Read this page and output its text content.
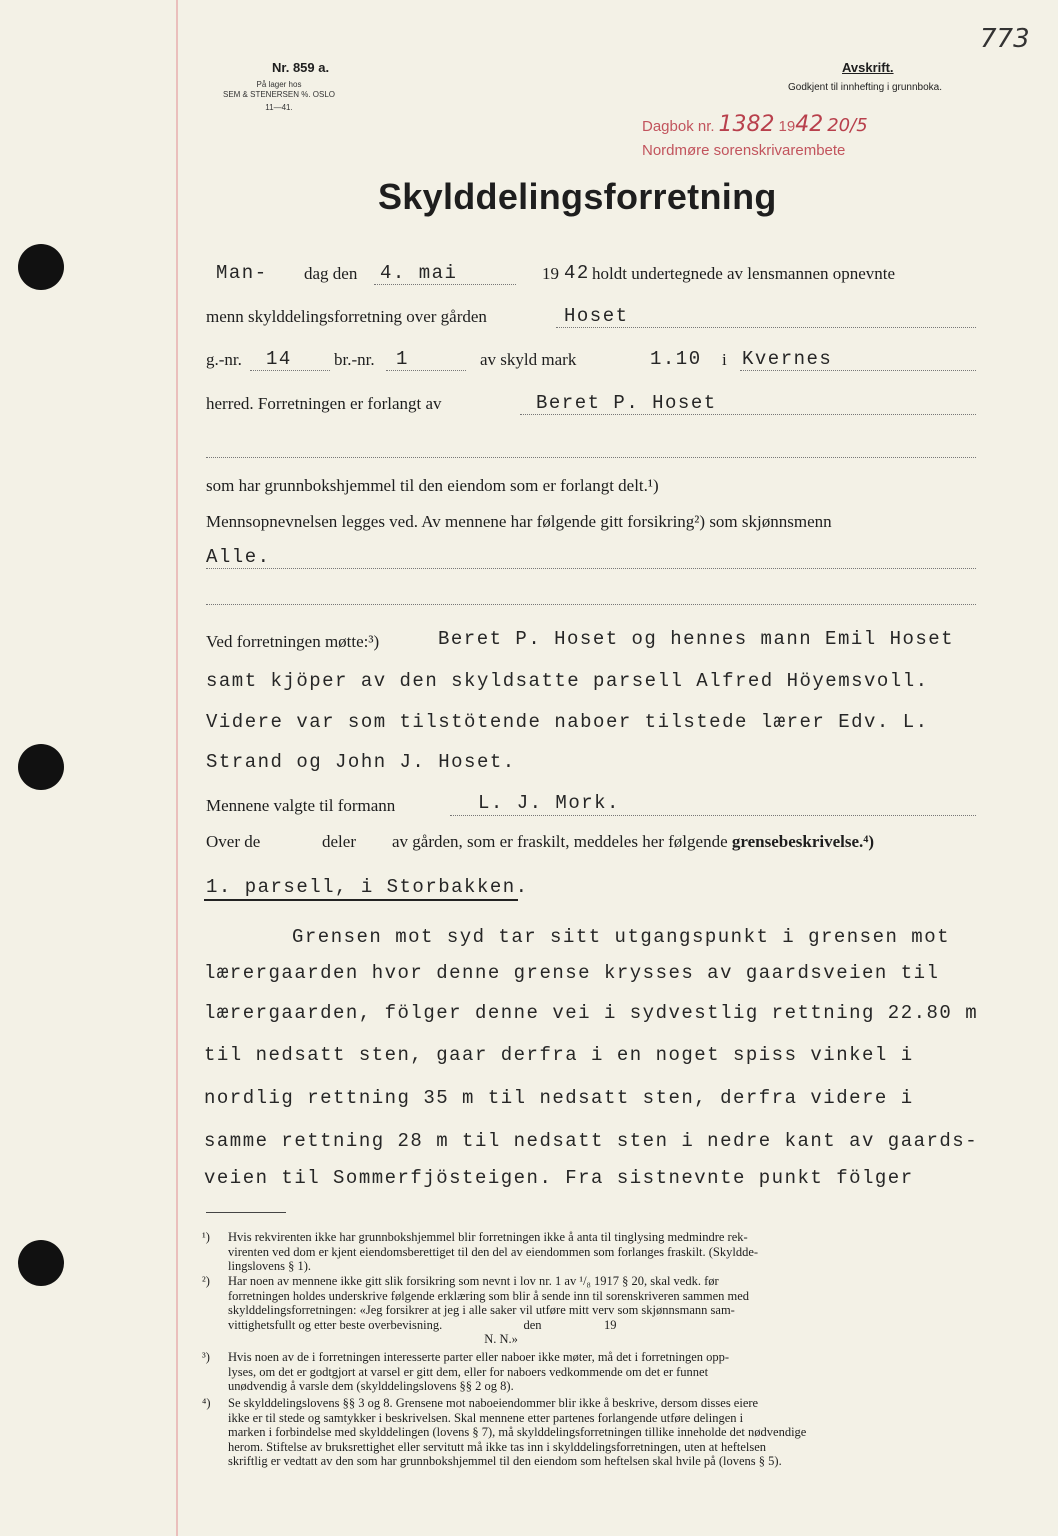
Nr. 859 a.
På lager hos
SEM & STENERSEN %. OSLO
11—41.
Avskrift.
Godkjent til innhefting i grunnboka.
773
Dagbok nr. 1382 1942 20/5
Nordmøre sorenskrivarembete
Skylddelingsforretning
Man- dag den 4. mai	19 42 holdt undertegnede av lensmannen opnevnte
menn skylddelingsforretning over gården	Hoset
g.-nr. 14 br.-nr. 1	av skyld mark	1.10 i Kvernes
herred. Forretningen er forlangt av	Beret P. Hoset
som har grunnbokshjemmel til den eiendom som er forlangt delt.¹)
Mennsopnevnelsen legges ved. Av mennene har følgende gitt forsikring²) som skjønnsmenn
Alle.
Ved forretningen møtte:³)	Beret P. Hoset og hennes mann Emil Hoset
samt kjöper av den skyldsatte parsell Alfred Höyemsvoll.
Videre var som tilstötende naboer tilstede lærer Edv. L.
Strand og John J. Hoset.
Mennene valgte til formann	L. J. Mork.
Over de	deler av gården, som er fraskilt, meddeles her følgende grensebeskrivelse.⁴)
1. parsell, i Storbakken.
Grensen mot syd tar sitt utgangspunkt i grensen mot
lærergaarden hvor denne grense krysses av gaardsveien til
lærergaarden, fölger denne vei i sydvestlig rettning 22.80 m
til nedsatt sten, gaar derfra i en noget spiss vinkel i
nordlig rettning 35 m til nedsatt sten, derfra videre i
samme rettning 28 m til nedsatt sten i nedre kant av gaards-
veien til Sommerfjösteigen. Fra sistnevnte punkt fölger
¹) Hvis rekvirenten ikke har grunnbokshjemmel blir forretningen ikke å anta til tinglysing medmindre rek-

virenten ved dom er kjent eiendomsberettiget til den del av eiendommen som forlanges fraskilt. (Skyldde-

lingslovens § 1).

²) Har noen av mennene ikke gitt slik forsikring som nevnt i lov nr. 1 av ¹/₈ 1917 § 20, skal vedk. før

forretningen holdes underskrive følgende erklæring som blir å sende inn til sorenskriveren sammen med

skylddelingsforretningen: «Jeg forsikrer at jeg i alle saker vil utføre mitt verv som skjønnsmann sam-

vittighetsfullt og etter beste overbevisning.                          den                    19

N. N.»

³) Hvis noen av de i forretningen interesserte parter eller naboer ikke møter, må det i forretningen opp-

lyses, om det er godtgjort at varsel er gitt dem, eller for naboers vedkommende om det er funnet

unødvendig å varsle dem (skylddelingslovens §§ 2 og 8).

⁴) Se skylddelingslovens §§ 3 og 8. Grensene mot naboeiendommer blir ikke å beskrive, dersom disses eiere

ikke er til stede og samtykker i beskrivelsen. Skal mennene etter partenes forlangende utføre delingen i

marken i forbindelse med skylddelingen (lovens § 7), må skylddelingsforretningen tillike inneholde det nødvendige

herom. Stiftelse av bruksrettighet eller servitutt må ikke tas inn i skylddelingsforretningen, uten at heftelsen

skriftlig er vedtatt av den som har grunnbokshjemmel til den eiendom som heftelsen skal hvile på (lovens § 5).
